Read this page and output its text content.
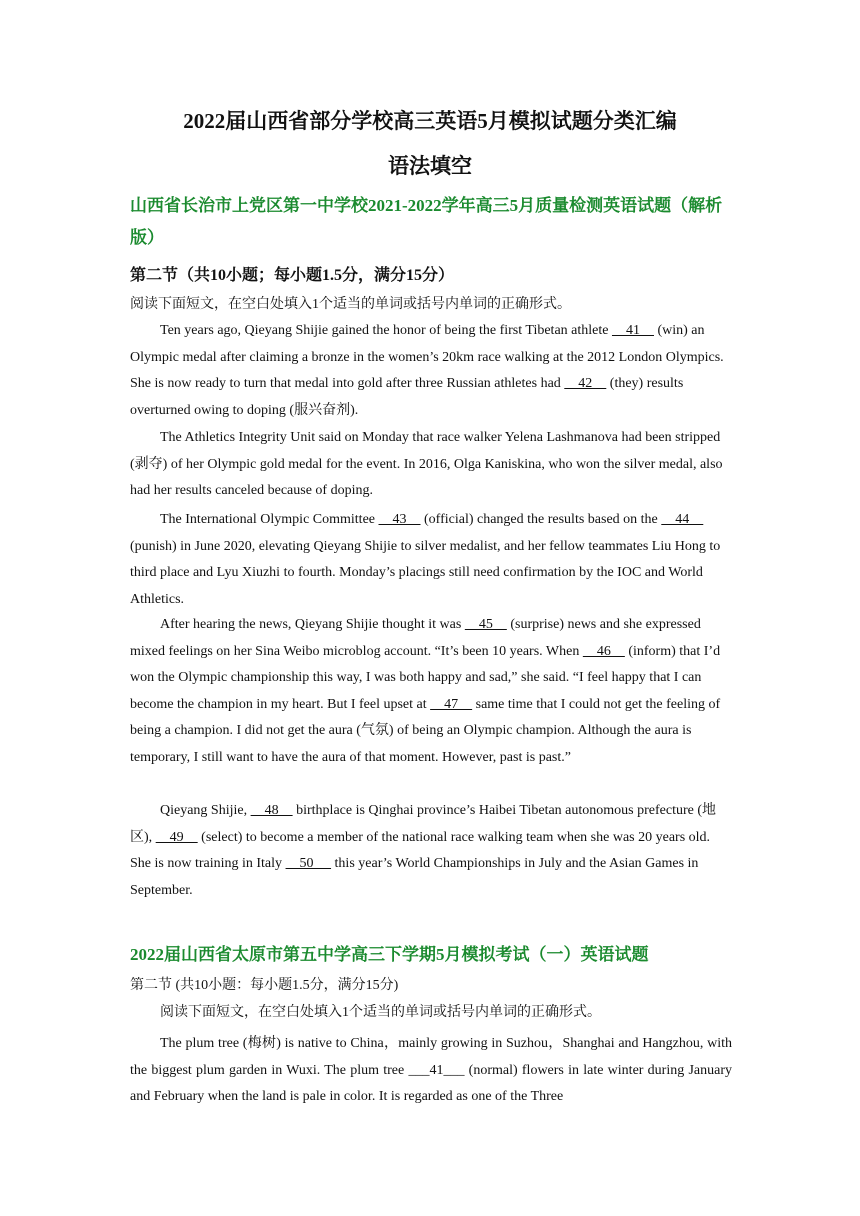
2022届山西省部分学校高三英语5月模拟试题分类汇编
语法填空
山西省长治市上党区第一中学校2021-2022学年高三5月质量检测英语试题（解析版）
第二节（共10小题；每小题1.5分，满分15分）
阅读下面短文，在空白处填入1个适当的单词或括号内单词的正确形式。

Ten years ago, Qieyang Shijie gained the honor of being the first Tibetan athlete     41     (win) an Olympic medal after claiming a bronze in the women’s 20km race walking at the 2012 London Olympics. She is now ready to turn that medal into gold after three Russian athletes had     42     (they) results overturned owing to doping (服兴奋剂).

The Athletics Integrity Unit said on Monday that race walker Yelena Lashmanova had been stripped (剥夺) of her Olympic gold medal for the event. In 2016, Olga Kaniskina, who won the silver medal, also had her results canceled because of doping.

The International Olympic Committee     43     (official) changed the results based on the     44     (punish) in June 2020, elevating Qieyang Shijie to silver medalist, and her fellow teammates Liu Hong to third place and Lyu Xiuzhi to fourth. Monday’s placings still need confirmation by the IOC and World Athletics.

After hearing the news, Qieyang Shijie thought it was     45     (surprise) news and she expressed mixed feelings on her Sina Weibo microblog account. “It’s been 10 years. When     46     (inform) that I’d won the Olympic championship this way, I was both happy and sad,” she said. “I feel happy that I can become the champion in my heart. But I feel upset at     47     same time that I could not get the feeling of being a champion. I did not get the aura (气氛) of being an Olympic champion. Although the aura is temporary, I still want to have the aura of that moment. However, past is past.”

Qieyang Shijie,     48     birthplace is Qinghai province’s Haibei Tibetan autonomous prefecture (地区),     49     (select) to become a member of the national race walking team when she was 20 years old. She is now training in Italy     50      this year’s World Championships in July and the Asian Games in September.

2022届山西省太原市第五中学高三下学期5月模拟考试（一）英语试题
第二节 (共10小题：每小题1.5分，满分15分)
阅读下面短文，在空白处填入1个适当的单词或括号内单词的正确形式。

The plum tree (梅树) is native to China，mainly growing in Suzhou，Shanghai and Hangzhou, with the biggest plum garden in Wuxi. The plum tree ___41___ (normal) flowers in late winter during January and February when the land is pale in color. It is regarded as one of the Three
